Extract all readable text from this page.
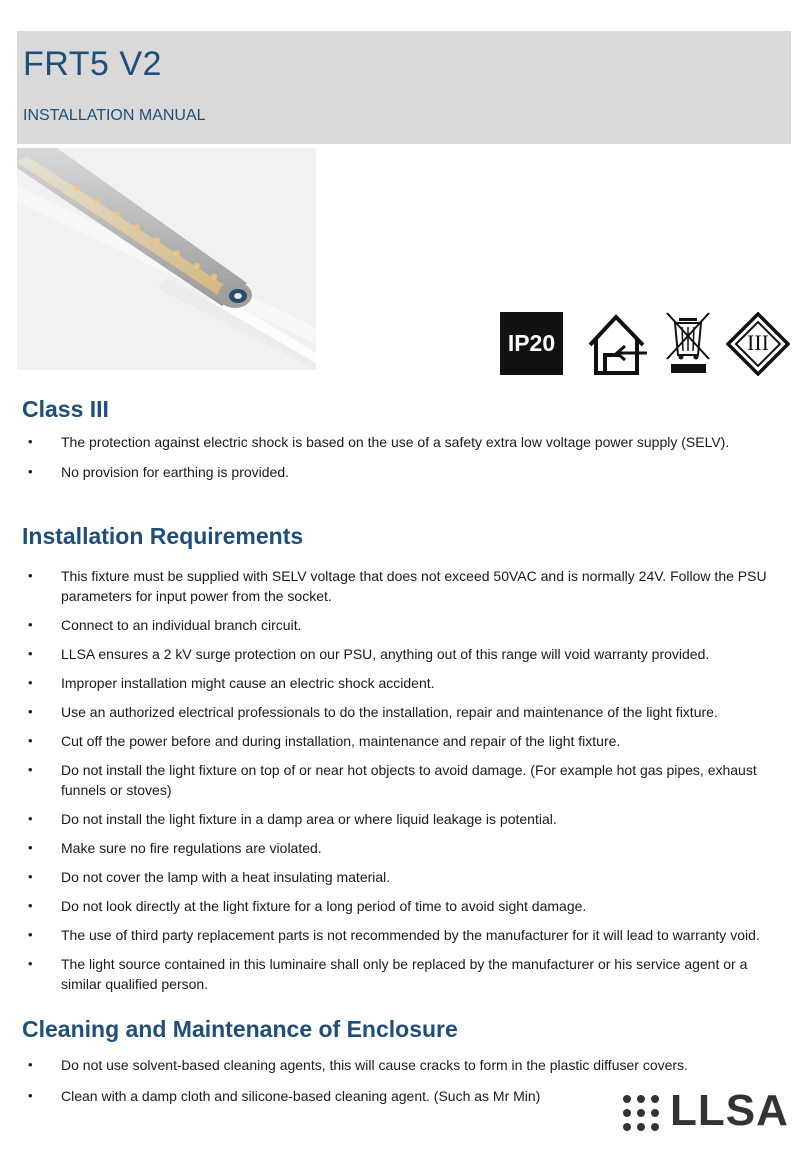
FRT5 V2
INSTALLATION MANUAL
IP20	III
Class III
• The protection against electric shock is based on the use of a safety extra low voltage power supply (SELV).
• No provision for earthing is provided.
Installation Requirements
• This fixture must be supplied with SELV voltage that does not exceed 50VAC and is normally 24V. Follow the PSU parameters for input power from the socket.
• Connect to an individual branch circuit.
• LLSA ensures a 2 kV surge protection on our PSU, anything out of this range will void warranty provided.
• Improper installation might cause an electric shock accident.
• Use an authorized electrical professionals to do the installation, repair and maintenance of the light fixture.
• Cut off the power before and during installation, maintenance and repair of the light fixture.
• Do not install the light fixture on top of or near hot objects to avoid damage. (For example hot gas pipes, exhaust funnels or stoves)
• Do not install the light fixture in a damp area or where liquid leakage is potential.
• Make sure no fire regulations are violated.
• Do not cover the lamp with a heat insulating material.
• Do not look directly at the light fixture for a long period of time to avoid sight damage.
• The use of third party replacement parts is not recommended by the manufacturer for it will lead to warranty void.
• The light source contained in this luminaire shall only be replaced by the manufacturer or his service agent or a similar qualified person.
Cleaning and Maintenance of Enclosure
• Do not use solvent-based cleaning agents, this will cause cracks to form in the plastic diffuser covers.
• Clean with a damp cloth and silicone-based cleaning agent. (Such as Mr Min)	LLSA
